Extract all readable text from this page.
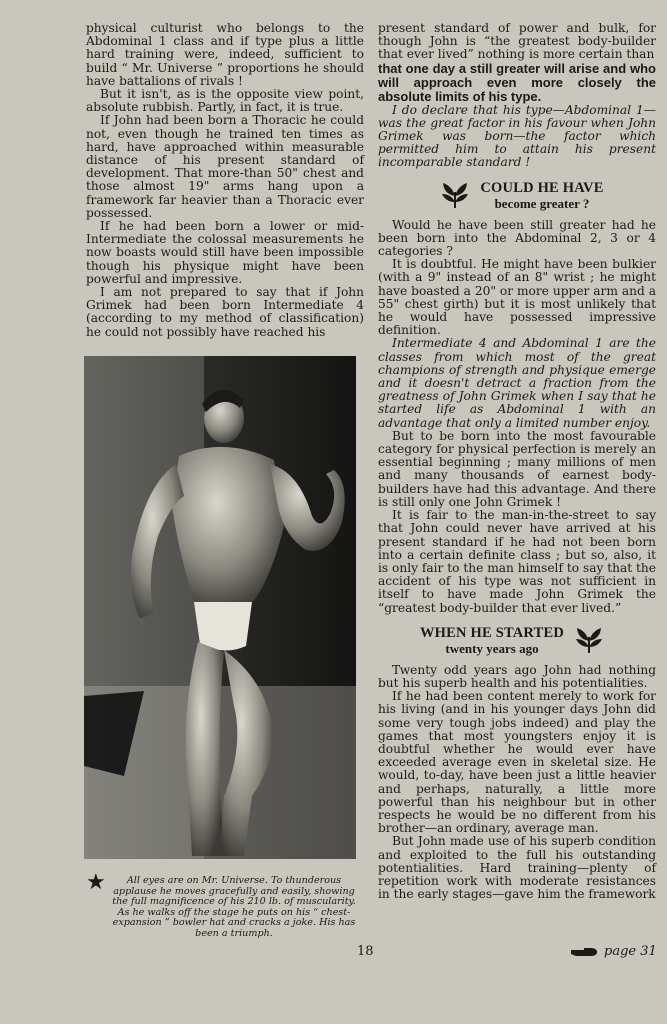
physical culturist who belongs to the Abdominal 1 class and if type plus a little hard training were, indeed, sufficient to build “ Mr. Universe ” proportions he should have battalions of rivals !

But it isn't, as is the opposite view point, absolute rubbish. Partly, in fact, it is true.

If John had been born a Thoracic he could not, even though he trained ten times as hard, have approached within measurable distance of his present standard of development. That more-than 50" chest and those almost 19" arms hang upon a framework far heavier than a Thoracic ever possessed.

If he had been born a lower or mid-Intermediate the colossal measurements he now boasts would still have been impossible though his physique might have been powerful and impressive.

I am not prepared to say that if John Grimek had been born Intermediate 4 (according to my method of classification) he could not possibly have reached his

★	All eyes are on Mr. Universe. To thunderous applause he moves gracefully and easily, showing the full magnificence of his 210 lb. of muscularity. As he walks off the stage he puts on his “ chest-expansion ” bowler hat and cracks a joke. His has been a triumph.

present standard of power and bulk, for though John is “the greatest body-builder that ever lived” nothing is more certain than

that one day a still greater will arise and who will approach even more closely the absolute limits of his type.

I do declare that his type—Abdominal 1—was the great factor in his favour when John Grimek was born—the factor which permitted him to attain his present incomparable standard !

COULD HE HAVE
become greater ?

Would he have been still greater had he been born into the Abdominal 2, 3 or 4 categories ?

It is doubtful. He might have been bulkier (with a 9" instead of an 8" wrist ; he might have boasted a 20" or more upper arm and a 55" chest girth) but it is most unlikely that he would have possessed impressive definition.

Intermediate 4 and Abdominal 1 are the classes from which most of the great champions of strength and physique emerge and it doesn't detract a fraction from the greatness of John Grimek when I say that he started life as Abdominal 1 with an advantage that only a limited number enjoy.

But to be born into the most favourable category for physical perfection is merely an essential beginning ; many millions of men and many thousands of earnest body-builders have had this advantage. And there is still only one John Grimek !

It is fair to the man-in-the-street to say that John could never have arrived at his present standard if he had not been born into a certain definite class ; but so, also, it is only fair to the man himself to say that the accident of his type was not sufficient in itself to have made John Grimek the “greatest body-builder that ever lived.”

WHEN HE STARTED
twenty years ago

Twenty odd years ago John had nothing but his superb health and his potentialities.

If he had been content merely to work for his living (and in his younger days John did some very tough jobs indeed) and play the games that most youngsters enjoy it is doubtful whether he would ever have exceeded average even in skeletal size. He would, to-day, have been just a little heavier and perhaps, naturally, a little more powerful than his neighbour but in other respects he would be no different from his brother—an ordinary, average man.

But John made use of his superb condition and exploited to the full his outstanding potentialities. Hard training—plenty of repetition work with moderate resistances in the early stages—gave him the framework

18	page 31
